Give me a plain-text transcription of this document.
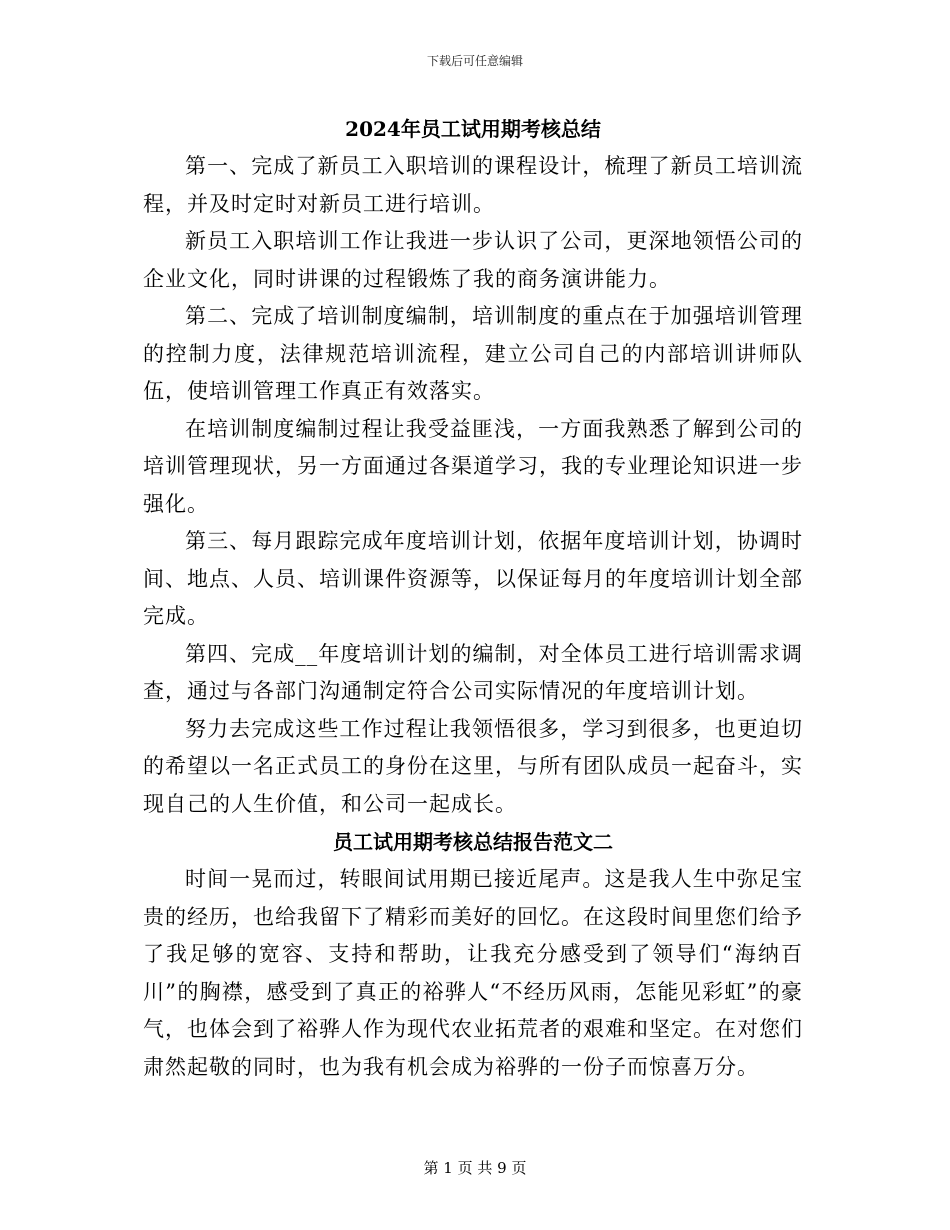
下载后可任意编辑
2024年员工试用期考核总结

第一、完成了新员工入职培训的课程设计，梳理了新员工培训流程，并及时定时对新员工进行培训。

新员工入职培训工作让我进一步认识了公司，更深地领悟公司的企业文化，同时讲课的过程锻炼了我的商务演讲能力。

第二、完成了培训制度编制，培训制度的重点在于加强培训管理的控制力度，法律规范培训流程，建立公司自己的内部培训讲师队伍，使培训管理工作真正有效落实。

在培训制度编制过程让我受益匪浅，一方面我熟悉了解到公司的培训管理现状，另一方面通过各渠道学习，我的专业理论知识进一步强化。

第三、每月跟踪完成年度培训计划，依据年度培训计划，协调时间、地点、人员、培训课件资源等，以保证每月的年度培训计划全部完成。

第四、完成__年度培训计划的编制，对全体员工进行培训需求调查，通过与各部门沟通制定符合公司实际情况的年度培训计划。

努力去完成这些工作过程让我领悟很多，学习到很多，也更迫切的希望以一名正式员工的身份在这里，与所有团队成员一起奋斗，实现自己的人生价值，和公司一起成长。

员工试用期考核总结报告范文二

时间一晃而过，转眼间试用期已接近尾声。这是我人生中弥足宝贵的经历，也给我留下了精彩而美好的回忆。在这段时间里您们给予了我足够的宽容、支持和帮助，让我充分感受到了领导们“海纳百川”的胸襟，感受到了真正的裕骅人“不经历风雨，怎能见彩虹”的豪气，也体会到了裕骅人作为现代农业拓荒者的艰难和坚定。在对您们肃然起敬的同时，也为我有机会成为裕骅的一份子而惊喜万分。

第 1 页 共 9 页
